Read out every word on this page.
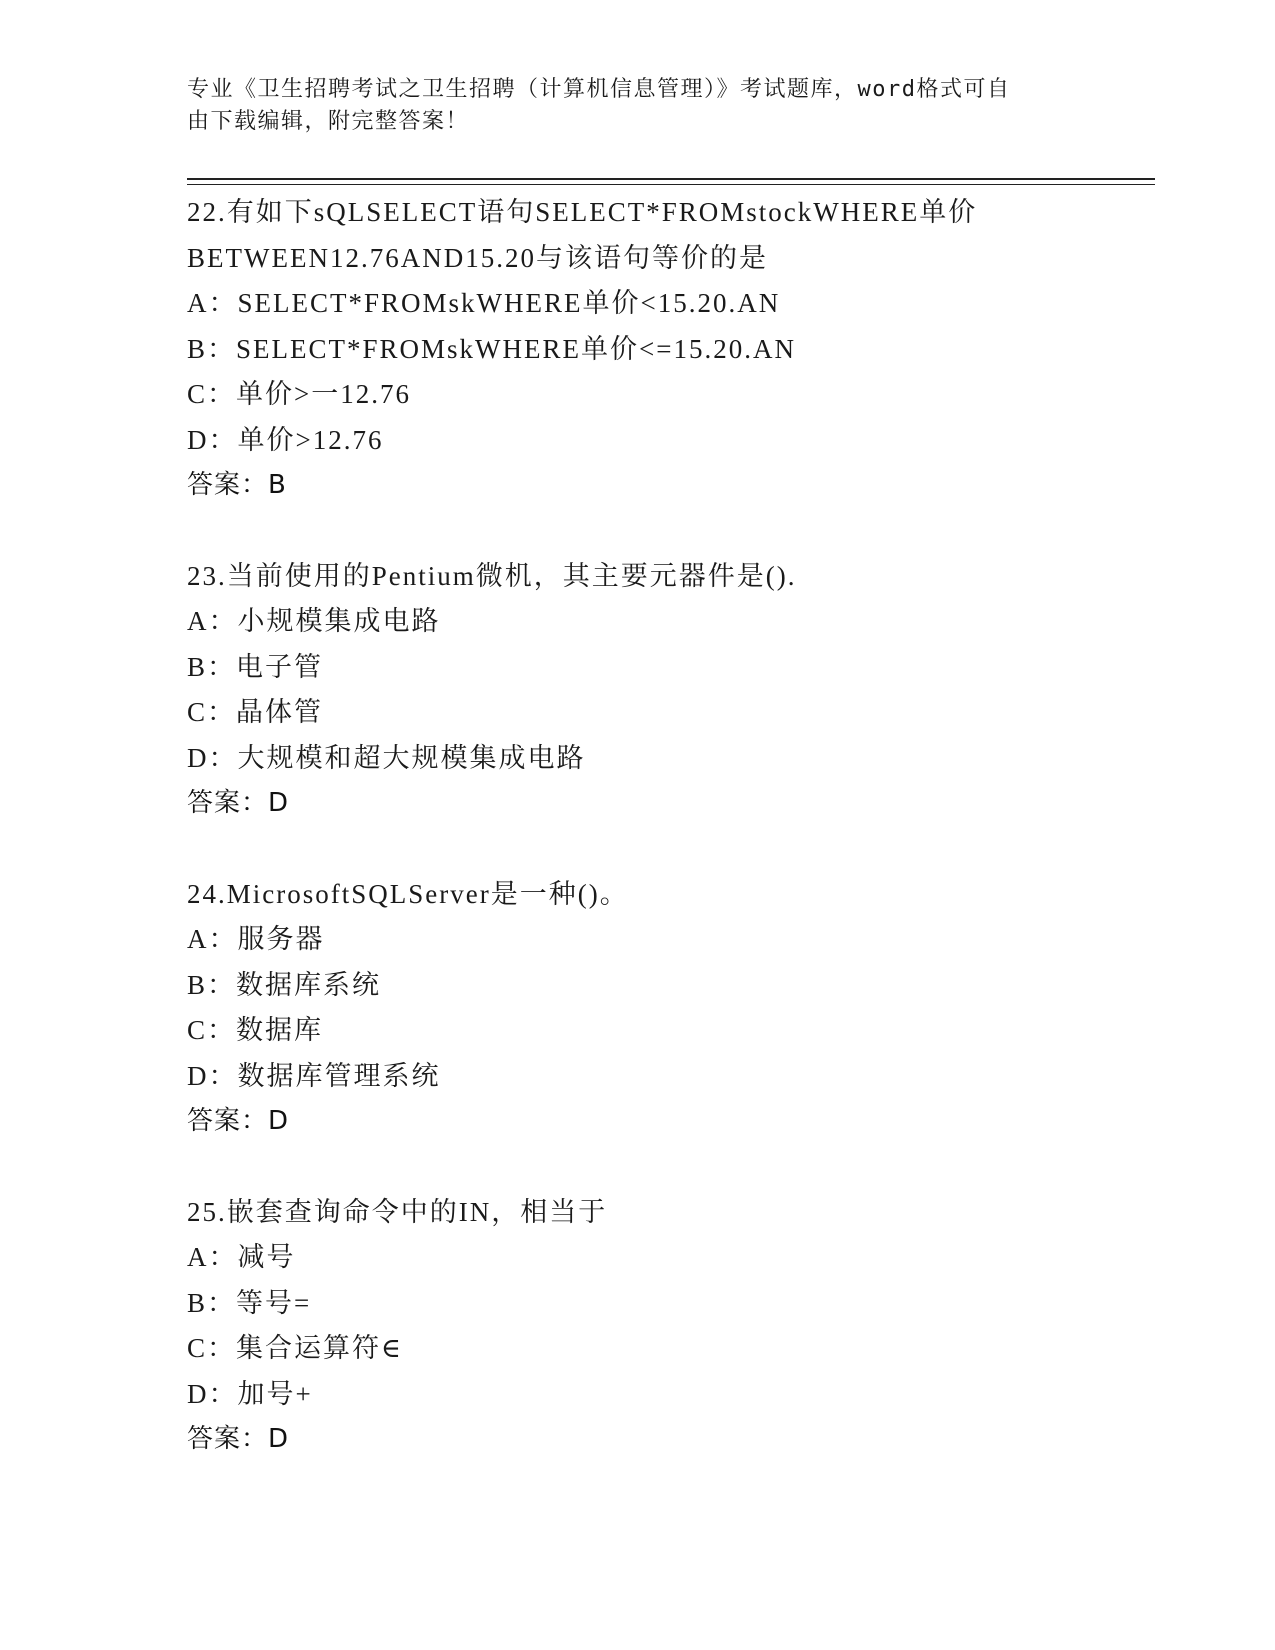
专业《卫生招聘考试之卫生招聘（计算机信息管理）》考试题库，word格式可自

由下载编辑，附完整答案！

22.有如下sQLSELECT语句SELECT*FROMstockWHERE单价
BETWEEN12.76AND15.20与该语句等价的是
A：SELECT*FROMskWHERE单价<15.20.AN
B：SELECT*FROMskWHERE单价<=15.20.AN
C：单价>一12.76
D：单价>12.76
答案：B
23.当前使用的Pentium微机，其主要元器件是().
A：小规模集成电路
B：电子管
C：晶体管
D：大规模和超大规模集成电路
答案：D
24.MicrosoftSQLServer是一种()。
A：服务器
B：数据库系统
C：数据库
D：数据库管理系统
答案：D
25.嵌套查询命令中的IN，相当于
A：减号
B：等号=
C：集合运算符∈
D：加号+
答案：D
